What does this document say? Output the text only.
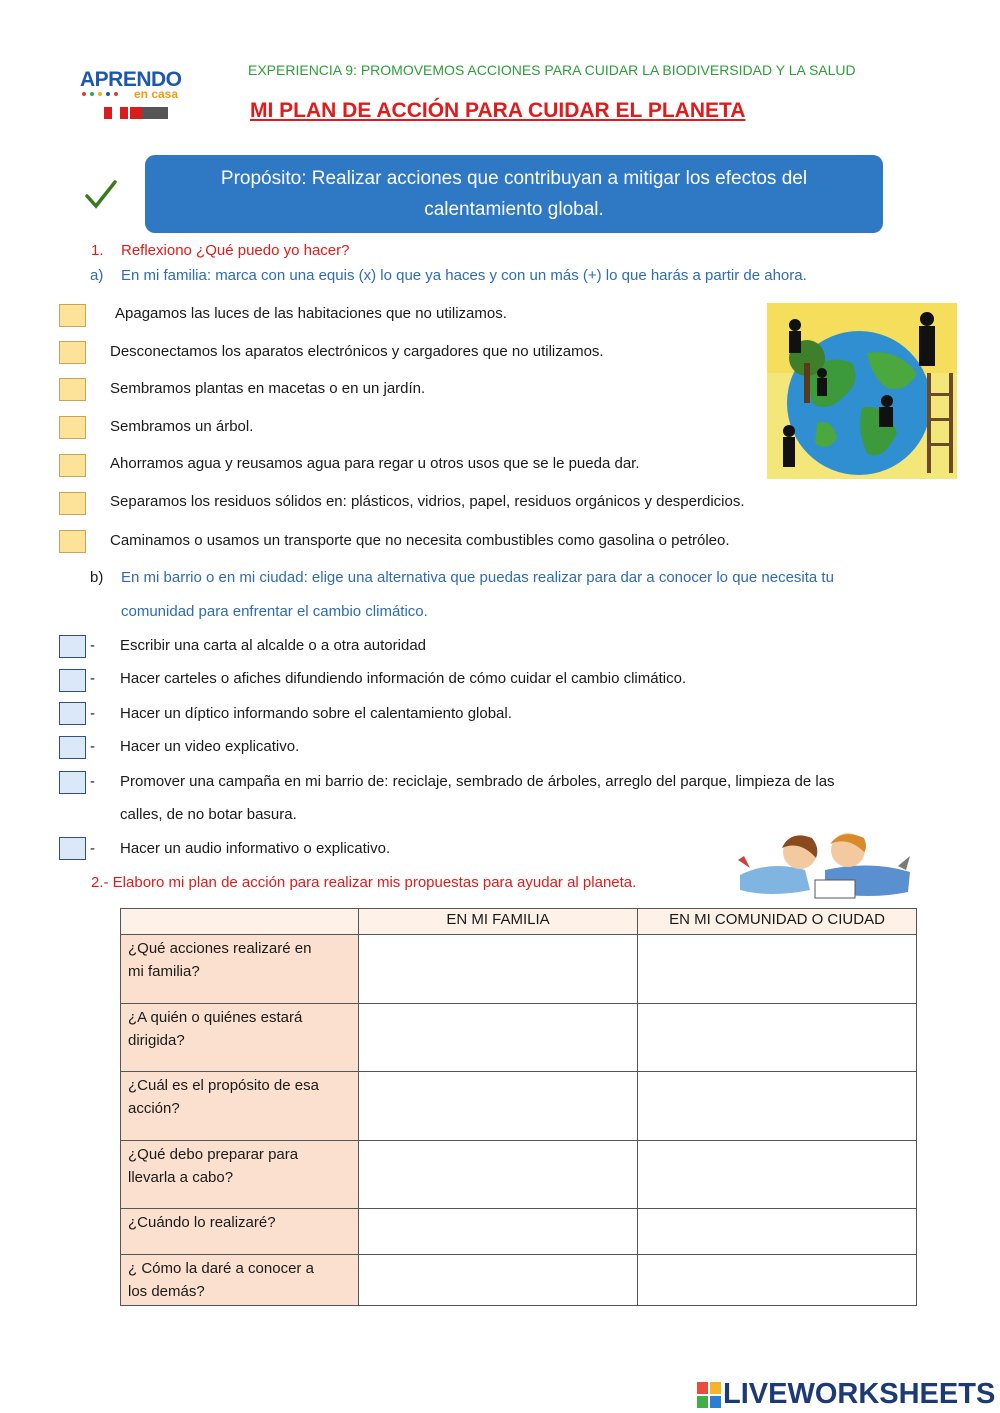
APRENDO
en casa
EXPERIENCIA 9: PROMOVEMOS ACCIONES PARA CUIDAR LA BIODIVERSIDAD Y LA SALUD
MI PLAN DE ACCIÓN PARA CUIDAR EL PLANETA
Propósito: Realizar acciones que contribuyan a mitigar los efectos del
calentamiento global.
1. Reflexiono ¿Qué puedo yo hacer?
a) En mi familia: marca con una equis (x) lo que ya haces y con un más (+) lo que harás a partir de ahora.
Apagamos las luces de las habitaciones que no utilizamos.
Desconectamos los aparatos electrónicos y cargadores que no utilizamos.
Sembramos plantas en macetas o en un jardín.
Sembramos un árbol.
Ahorramos agua y reusamos agua para regar u otros usos que se le pueda dar.
Separamos los residuos sólidos en: plásticos, vidrios, papel, residuos orgánicos y desperdicios.
Caminamos o usamos un transporte que no necesita combustibles como gasolina o petróleo.
b) En mi barrio o en mi ciudad: elige una alternativa que puedas realizar para dar a conocer lo que necesita tu
comunidad para enfrentar el cambio climático.
- Escribir una carta al alcalde o a otra autoridad
- Hacer carteles o afiches difundiendo información de cómo cuidar el cambio climático.
- Hacer un díptico informando sobre el calentamiento global.
- Hacer un video explicativo.
- Promover una campaña en mi barrio de: reciclaje, sembrado de árboles, arreglo del parque, limpieza de las
calles, de no botar basura.
- Hacer un audio informativo o explicativo.
2.- Elaboro mi plan de acción para realizar mis propuestas para ayudar al planeta.
	EN MI FAMILIA	EN MI COMUNIDAD O CIUDAD

¿Qué acciones realizaré en
mi familia?		

¿A quién o quiénes estará
dirigida?		

¿Cuál es el propósito de esa
acción?		

¿Qué debo preparar para
llevarla a cabo?		

¿Cuándo lo realizaré?		

¿ Cómo la daré a conocer a
los demás?		

LIVEWORKSHEETS
